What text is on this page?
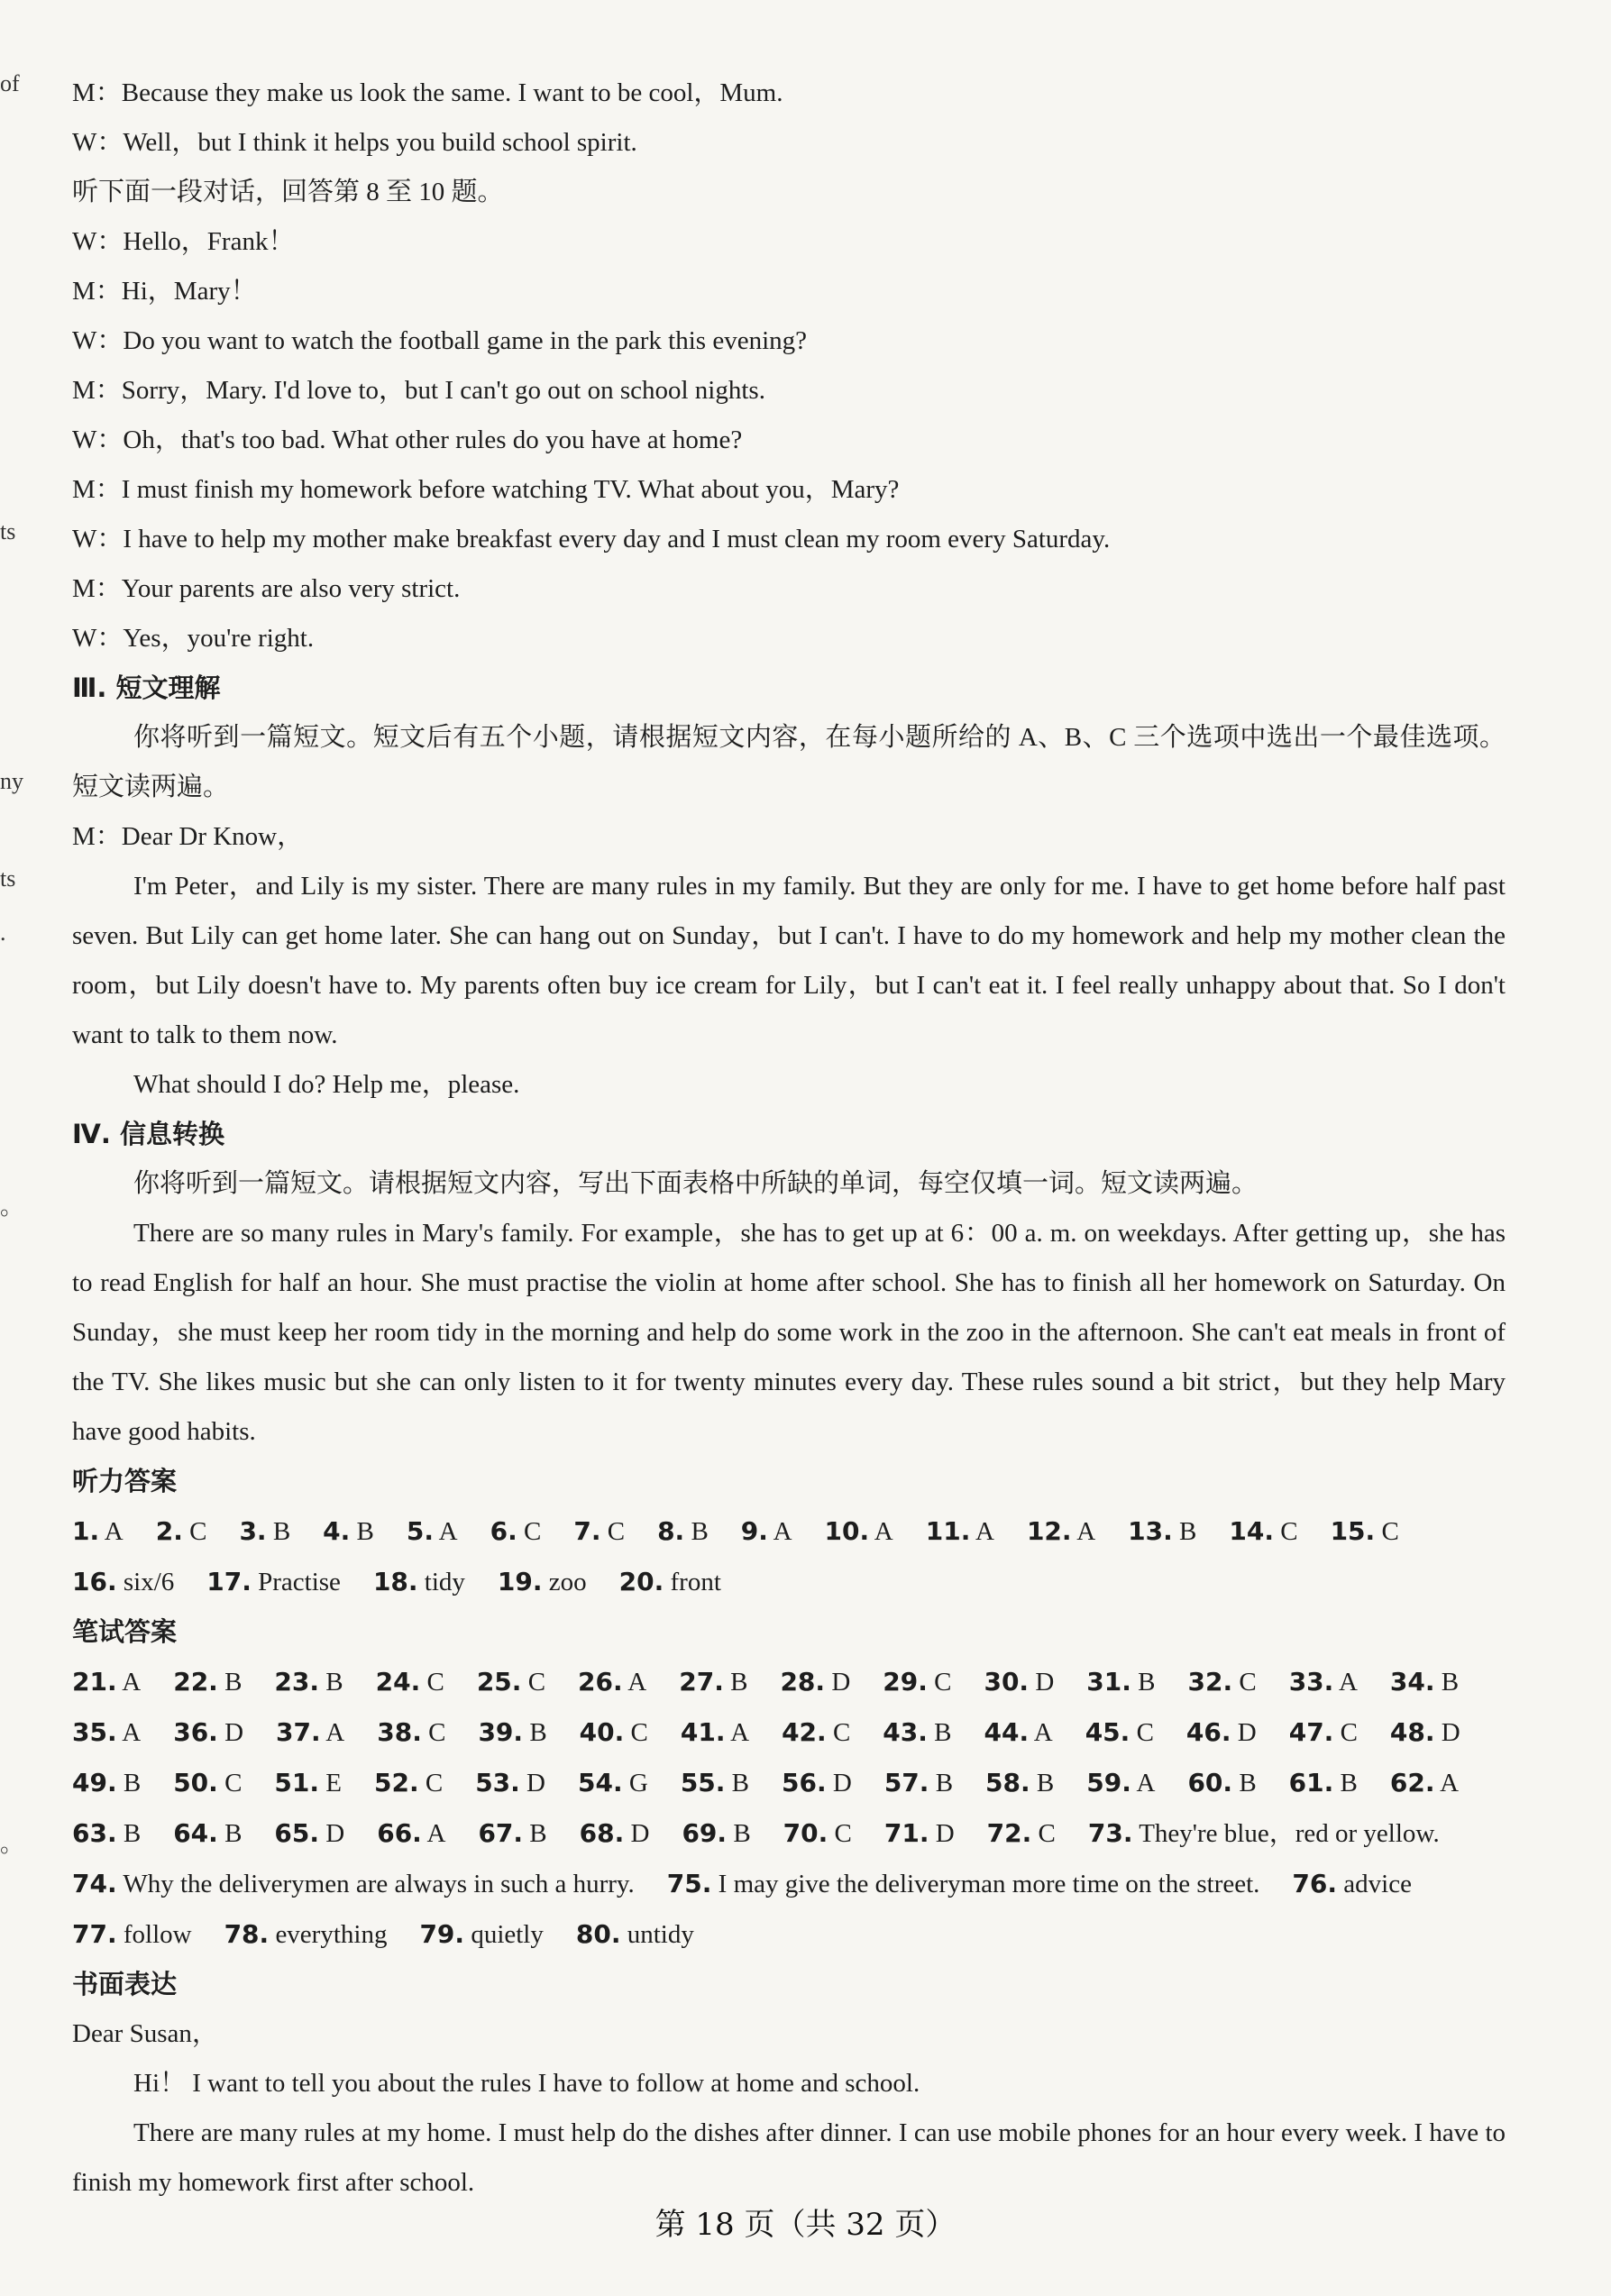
of
ts
ny
ts
.
。
。
M：Because they make us look the same. I want to be cool，Mum.
W：Well，but I think it helps you build school spirit.
听下面一段对话，回答第 8 至 10 题。
W：Hello，Frank！
M：Hi，Mary！
W：Do you want to watch the football game in the park this evening?
M：Sorry，Mary. I'd love to，but I can't go out on school nights.
W：Oh，that's too bad. What other rules do you have at home?
M：I must finish my homework before watching TV. What about you，Mary?
W：I have to help my mother make breakfast every day and I must clean my room every Saturday.
M：Your parents are also very strict.
W：Yes，you're right.
Ⅲ. 短文理解
你将听到一篇短文。短文后有五个小题，请根据短文内容，在每小题所给的 A、B、C 三个选项中选出一个最佳选项。短文读两遍。
M：Dear Dr Know，
I'm Peter，and Lily is my sister. There are many rules in my family. But they are only for me. I have to get home before half past seven. But Lily can get home later. She can hang out on Sunday，but I can't. I have to do my homework and help my mother clean the room，but Lily doesn't have to. My parents often buy ice cream for Lily，but I can't eat it. I feel really unhappy about that. So I don't want to talk to them now.
What should I do? Help me，please.
Ⅳ. 信息转换
你将听到一篇短文。请根据短文内容，写出下面表格中所缺的单词，每空仅填一词。短文读两遍。
There are so many rules in Mary's family. For example，she has to get up at 6：00 a. m. on weekdays. After getting up，she has to read English for half an hour. She must practise the violin at home after school. She has to finish all her homework on Saturday. On Sunday，she must keep her room tidy in the morning and help do some work in the zoo in the afternoon. She can't eat meals in front of the TV. She likes music but she can only listen to it for twenty minutes every day. These rules sound a bit strict，but they help Mary have good habits.
听力答案
1. A 2. C 3. B 4. B 5. A 6. C 7. C 8. B 9. A 10. A 11. A 12. A 13. B 14. C 15. C
16. six/6 17. Practise 18. tidy 19. zoo 20. front
笔试答案
21. A 22. B 23. B 24. C 25. C 26. A 27. B 28. D 29. C 30. D 31. B 32. C 33. A 34. B
35. A 36. D 37. A 38. C 39. B 40. C 41. A 42. C 43. B 44. A 45. C 46. D 47. C 48. D
49. B 50. C 51. E 52. C 53. D 54. G 55. B 56. D 57. B 58. B 59. A 60. B 61. B 62. A
63. B 64. B 65. D 66. A 67. B 68. D 69. B 70. C 71. D 72. C 73. They're blue，red or yellow.
74. Why the deliverymen are always in such a hurry. 75. I may give the deliveryman more time on the street. 76. advice
77. follow 78. everything 79. quietly 80. untidy
书面表达
Dear Susan，
Hi！ I want to tell you about the rules I have to follow at home and school.
There are many rules at my home. I must help do the dishes after dinner. I can use mobile phones for an hour every week. I have to finish my homework first after school.
第 18 页（共 32 页）
